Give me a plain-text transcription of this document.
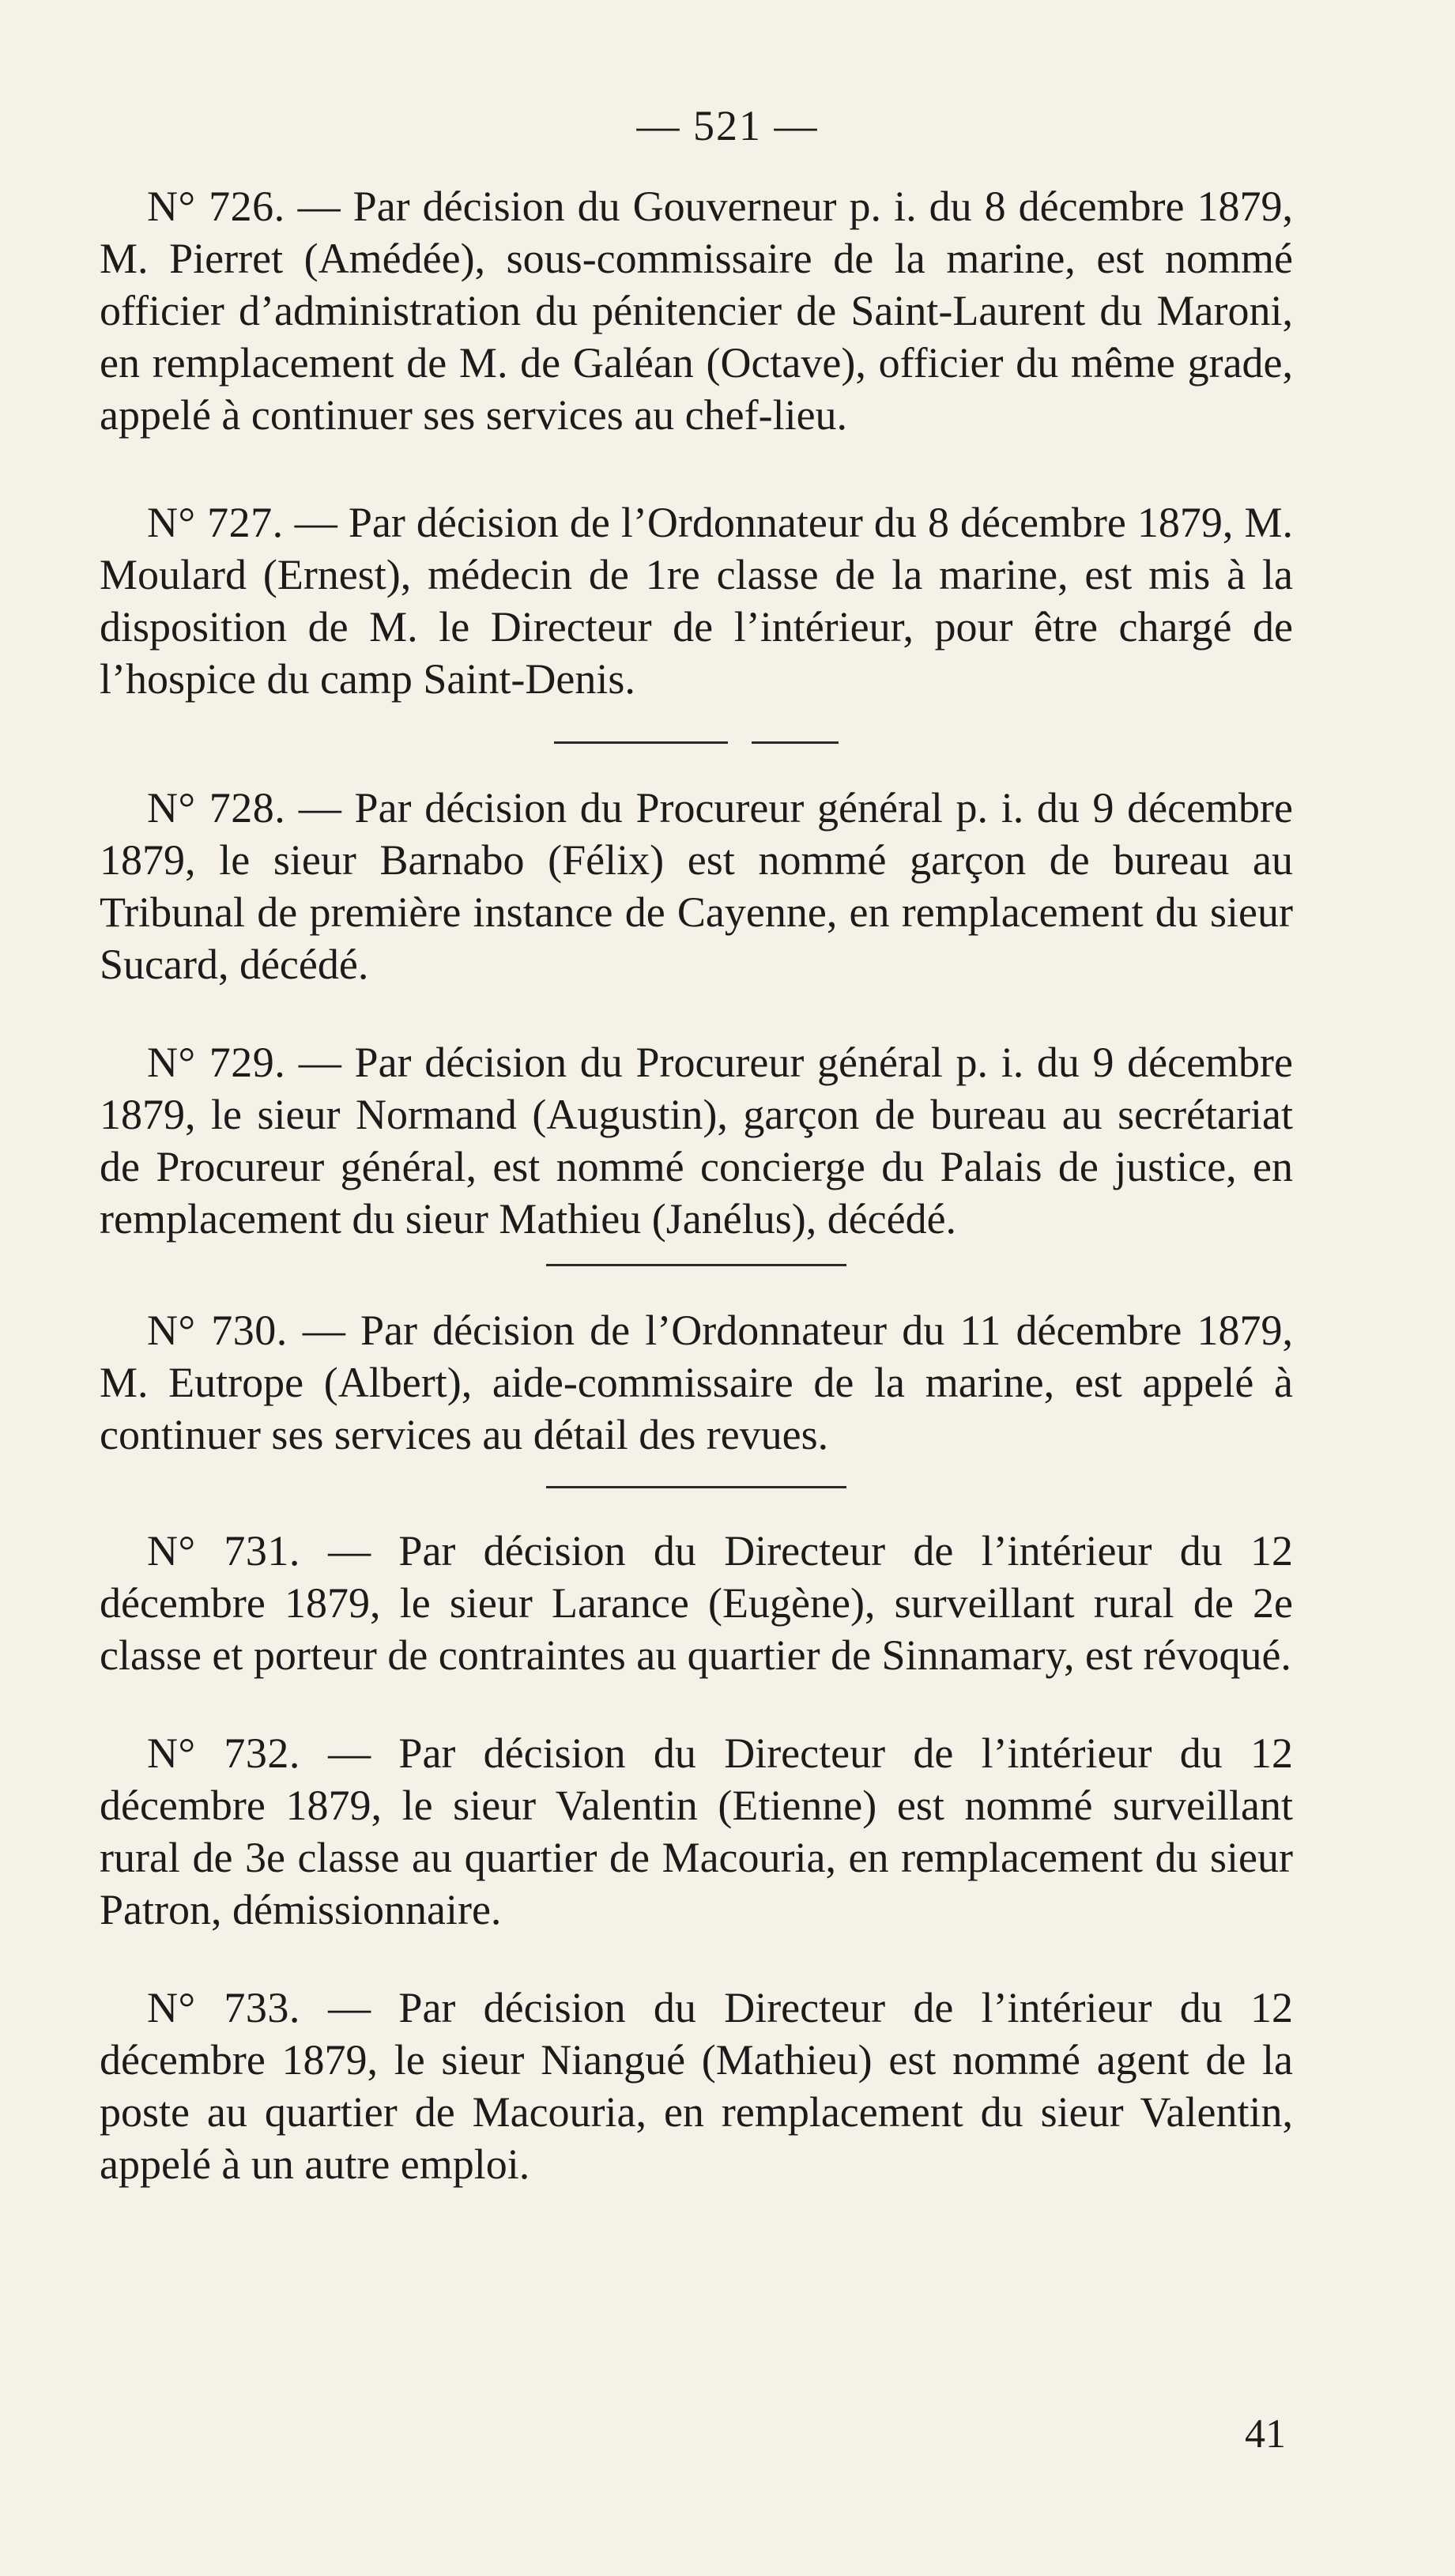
— 521 —

N° 726. — Par décision du Gouverneur p. i. du 8 décembre 1879, M. Pierret (Amédée), sous-commissaire de la marine, est nommé officier d’administration du pénitencier de Saint-Laurent du Maroni, en remplacement de M. de Galéan (Octave), officier du même grade, appelé à continuer ses services au chef-lieu.

N° 727. — Par décision de l’Ordonnateur du 8 décembre 1879, M. Moulard (Ernest), médecin de 1re classe de la marine, est mis à la disposition de M. le Directeur de l’intérieur, pour être chargé de l’hospice du camp Saint-Denis.

N° 728. — Par décision du Procureur général p. i. du 9 décembre 1879, le sieur Barnabo (Félix) est nommé garçon de bureau au Tribunal de première instance de Cayenne, en remplacement du sieur Sucard, décédé.

N° 729. — Par décision du Procureur général p. i. du 9 décembre 1879, le sieur Normand (Augustin), garçon de bureau au secrétariat de Procureur général, est nommé concierge du Palais de justice, en remplacement du sieur Mathieu (Janélus), décédé.

N° 730. — Par décision de l’Ordonnateur du 11 décembre 1879, M. Eutrope (Albert), aide-commissaire de la marine, est appelé à continuer ses services au détail des revues.

N° 731. — Par décision du Directeur de l’intérieur du 12 décembre 1879, le sieur Larance (Eugène), surveillant rural de 2e classe et porteur de contraintes au quartier de Sinnamary, est révoqué.

N° 732. — Par décision du Directeur de l’intérieur du 12 décembre 1879, le sieur Valentin (Etienne) est nommé surveillant rural de 3e classe au quartier de Macouria, en remplacement du sieur Patron, démissionnaire.

N° 733. — Par décision du Directeur de l’intérieur du 12 décembre 1879, le sieur Niangué (Mathieu) est nommé agent de la poste au quartier de Macouria, en remplacement du sieur Valentin, appelé à un autre emploi.

41
